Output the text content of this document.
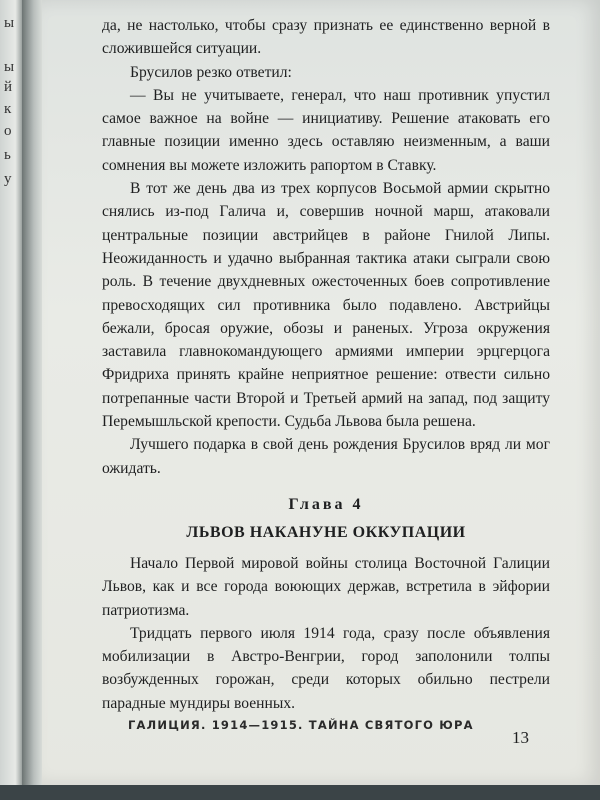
ы
ы
й
к
о
ь
у

да, не настолько, чтобы сразу признать ее единственно верной в сложившейся ситуации.

Брусилов резко ответил:

— Вы не учитываете, генерал, что наш противник упустил самое важное на войне — инициативу. Решение атаковать его главные позиции именно здесь оставляю неизменным, а ваши сомнения вы можете изложить рапортом в Ставку.

В тот же день два из трех корпусов Восьмой армии скрытно снялись из-под Галича и, совершив ночной марш, атаковали центральные позиции австрийцев в районе Гнилой Липы. Неожиданность и удачно выбранная тактика атаки сыграли свою роль. В течение двухдневных ожесточенных боев сопротивление превосходящих сил противника было подавлено. Австрийцы бежали, бросая оружие, обозы и раненых. Угроза окружения заставила главнокомандующего армиями империи эрцгерцога Фридриха принять крайне неприятное решение: отвести сильно потрепанные части Второй и Третьей армий на запад, под защиту Перемышльской крепости. Судьба Львова была решена.

Лучшего подарка в свой день рождения Брусилов вряд ли мог ожидать.

Глава 4
ЛЬВОВ НАКАНУНЕ ОККУПАЦИИ

Начало Первой мировой войны столица Восточной Галиции Львов, как и все города воюющих держав, встретила в эйфории патриотизма.

Тридцать первого июля 1914 года, сразу после объявления мобилизации в Австро-Венгрии, город заполонили толпы возбужденных горожан, среди которых обильно пестрели парадные мундиры военных.

ГАЛИЦИЯ. 1914—1915. ТАЙНА СВЯТОГО ЮРА
13
